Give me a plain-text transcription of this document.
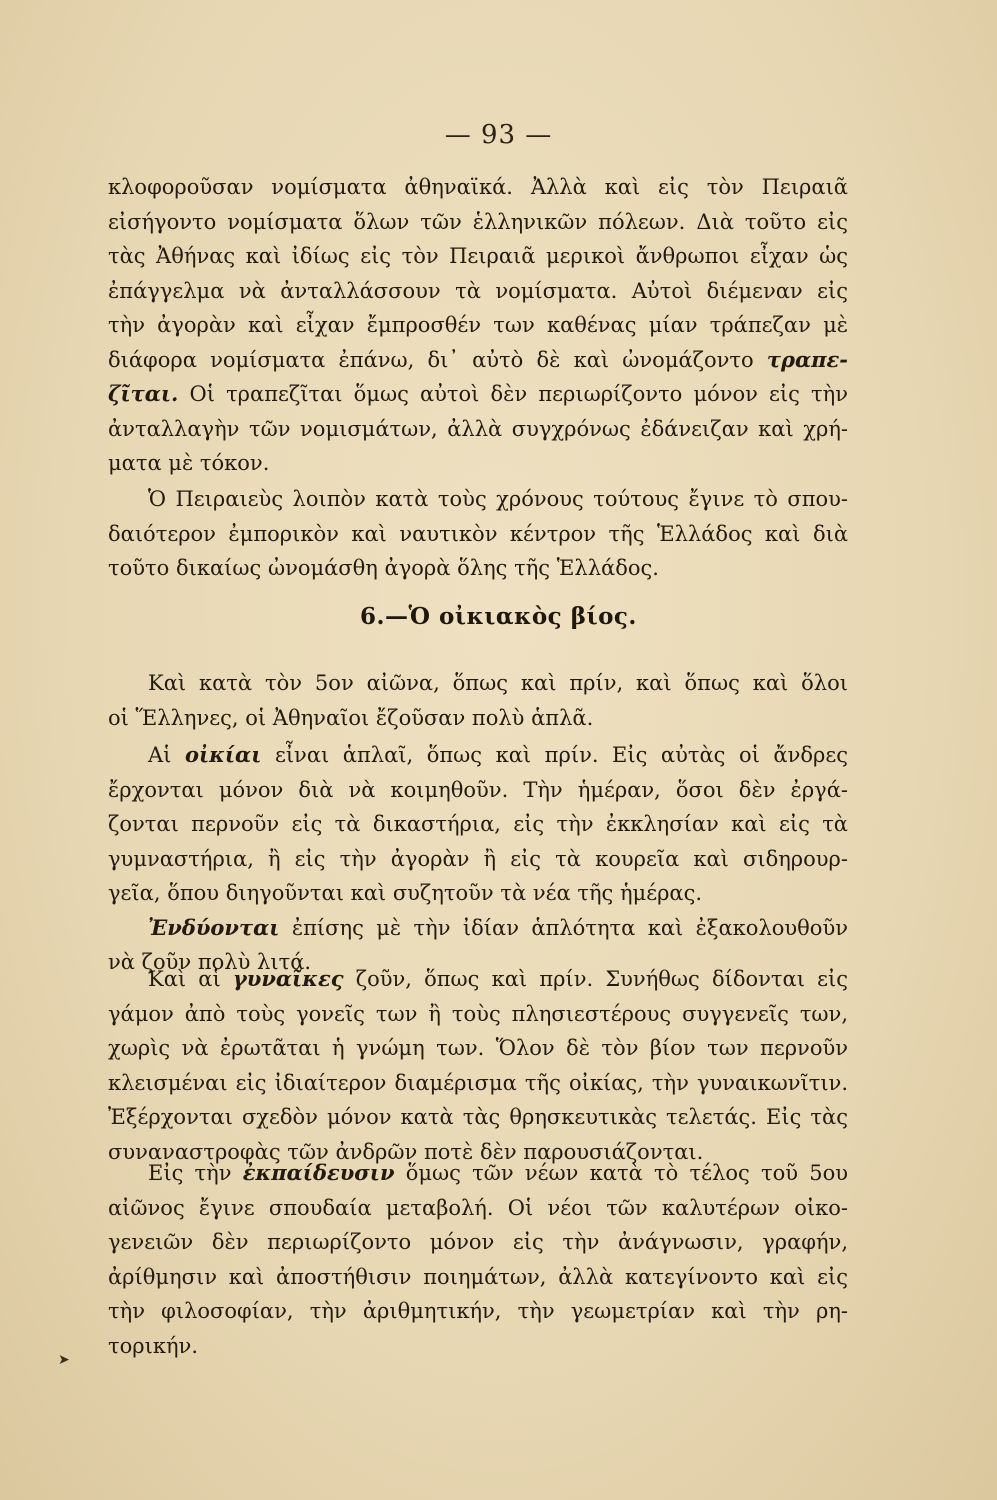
— 93 —
κλοφοροῦσαν νομίσματα ἀθηναϊκά. Ἀλλὰ καὶ εἰς τὸν Πειραιᾶ
εἰσήγοντο νομίσματα ὅλων τῶν ἑλληνικῶν πόλεων. Διὰ τοῦτο εἰς
τὰς Ἀθήνας καὶ ἰδίως εἰς τὸν Πειραιᾶ μερικοὶ ἄνθρωποι εἶχαν ὡς
ἐπάγγελμα νὰ ἀνταλλάσσουν τὰ νομίσματα. Αὐτοὶ διέμεναν εἰς
τὴν ἀγορὰν καὶ εἶχαν ἔμπροσθέν των καθένας μίαν τράπεζαν μὲ
διάφορα νομίσματα ἐπάνω, δι᾽ αὐτὸ δὲ καὶ ὠνομάζοντο τραπε-
ζῖται. Οἱ τραπεζῖται ὅμως αὐτοὶ δὲν περιωρίζοντο μόνον εἰς τὴν
ἀνταλλαγὴν τῶν νομισμάτων, ἀλλὰ συγχρόνως ἐδάνειζαν καὶ χρή-
ματα μὲ τόκον.
Ὁ Πειραιεὺς λοιπὸν κατὰ τοὺς χρόνους τούτους ἔγινε τὸ σπου-
δαιότερον ἐμπορικὸν καὶ ναυτικὸν κέντρον τῆς Ἑλλάδος καὶ διὰ
τοῦτο δικαίως ὠνομάσθη ἀγορὰ ὅλης τῆς Ἑλλάδος.
6.—Ὁ οἰκιακὸς βίος.
Καὶ κατὰ τὸν 5ον αἰῶνα, ὅπως καὶ πρίν, καὶ ὅπως καὶ ὅλοι
οἱ Ἕλληνες, οἱ Ἀθηναῖοι ἔζοῦσαν πολὺ ἁπλᾶ.
Αἱ οἰκίαι εἶναι ἁπλαῖ, ὅπως καὶ πρίν. Εἰς αὐτὰς οἱ ἄνδρες
ἔρχονται μόνον διὰ νὰ κοιμηθοῦν. Τὴν ἡμέραν, ὅσοι δὲν ἐργά-
ζονται περνοῦν εἰς τὰ δικαστήρια, εἰς τὴν ἐκκλησίαν καὶ εἰς τὰ
γυμναστήρια, ἢ εἰς τὴν ἀγορὰν ἢ εἰς τὰ κουρεῖα καὶ σιδηρουρ-
γεῖα, ὅπου διηγοῦνται καὶ συζητοῦν τὰ νέα τῆς ἡμέρας.
Ἐνδύονται ἐπίσης μὲ τὴν ἰδίαν ἁπλότητα καὶ ἐξακολουθοῦν
νὰ ζοῦν πολὺ λιτά.
Καὶ αἱ γυναῖκες ζοῦν, ὅπως καὶ πρίν. Συνήθως δίδονται εἰς
γάμον ἀπὸ τοὺς γονεῖς των ἢ τοὺς πλησιεστέρους συγγενεῖς των,
χωρὶς νὰ ἐρωτᾶται ἡ γνώμη των. Ὅλον δὲ τὸν βίον των περνοῦν
κλεισμέναι εἰς ἰδιαίτερον διαμέρισμα τῆς οἰκίας, τὴν γυναικωνῖτιν.
Ἐξέρχονται σχεδὸν μόνον κατὰ τὰς θρησκευτικὰς τελετάς. Εἰς τὰς
συναναστροφὰς τῶν ἀνδρῶν ποτὲ δὲν παρουσιάζονται.
Εἰς τὴν ἐκπαίδευσιν ὅμως τῶν νέων κατὰ τὸ τέλος τοῦ 5ου
αἰῶνος ἔγινε σπουδαία μεταβολή. Οἱ νέοι τῶν καλυτέρων οἰκο-
γενειῶν δὲν περιωρίζοντο μόνον εἰς τὴν ἀνάγνωσιν, γραφήν,
ἀρίθμησιν καὶ ἀποστήθισιν ποιημάτων, ἀλλὰ κατεγίνοντο καὶ εἰς
τὴν φιλοσοφίαν, τὴν ἀριθμητικήν, τὴν γεωμετρίαν καὶ τὴν ρη-
τορικήν.
➤
